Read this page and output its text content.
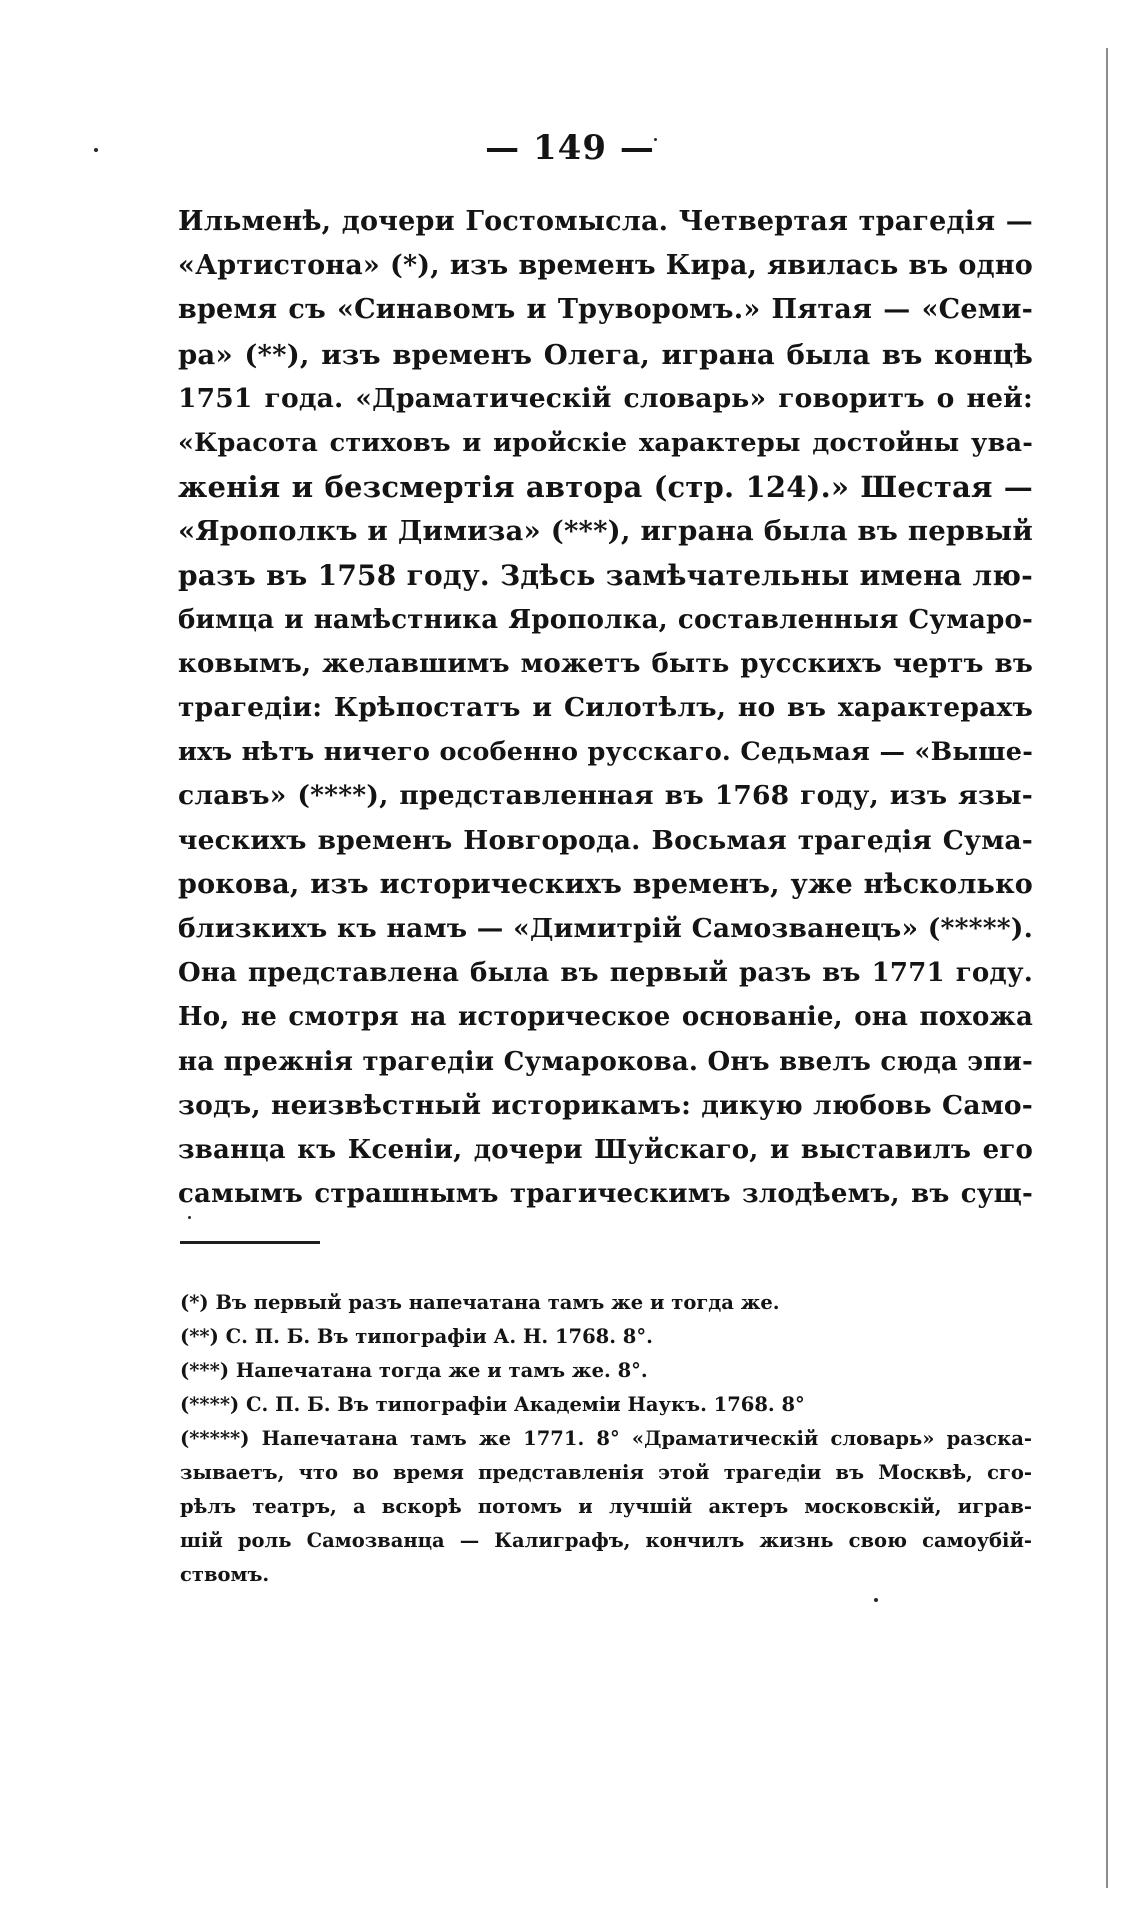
— 149 —
Ильменѣ, дочери Гостомысла. Четвертая трагедія —
«Артистона» (*), изъ временъ Кира, явилась въ одно
время съ «Синавомъ и Труворомъ.» Пятая — «Семи-
ра» (**), изъ временъ Олега, играна была въ концѣ
1751 года. «Драматическій словарь» говоритъ о ней:
«Красота стиховъ и иройскіе характеры достойны ува-
женія и безсмертія автора (стр. 124).» Шестая —
«Ярополкъ и Димиза» (***), играна была въ первый
разъ въ 1758 году. Здѣсь замѣчательны имена лю-
бимца и намѣстника Ярополка, составленныя Сумаро-
ковымъ, желавшимъ можетъ быть русскихъ чертъ въ
трагедіи: Крѣпостатъ и Силотѣлъ, но въ характерахъ
ихъ нѣтъ ничего особенно русскаго. Седьмая — «Выше-
славъ» (****), представленная въ 1768 году, изъ язы-
ческихъ временъ Новгорода. Восьмая трагедія Сума-
рокова, изъ историческихъ временъ, уже нѣсколько
близкихъ къ намъ — «Димитрій Самозванецъ» (*****).
Она представлена была въ первый разъ въ 1771 году.
Но, не смотря на историческое основаніе, она похожа
на прежнія трагедіи Сумарокова. Онъ ввелъ сюда эпи-
зодъ, неизвѣстный историкамъ: дикую любовь Само-
званца къ Ксеніи, дочери Шуйскаго, и выставилъ его
самымъ страшнымъ трагическимъ злодѣемъ, въ сущ-
(*) Въ первый разъ напечатана тамъ же и тогда же.
(**) С. П. Б. Въ типографіи А. Н. 1768. 8°.
(***) Напечатана тогда же и тамъ же. 8°.
(****) С. П. Б. Въ типографіи Академіи Наукъ. 1768. 8°
(*****) Напечатана тамъ же 1771. 8° «Драматическій словарь» разска-
зываетъ, что во время представленія этой трагедіи въ Москвѣ, сго-
рѣлъ театръ, а вскорѣ потомъ и лучшій актеръ московскій, играв-
шій роль Самозванца — Калиграфъ, кончилъ жизнь свою самоубій-
ствомъ.
